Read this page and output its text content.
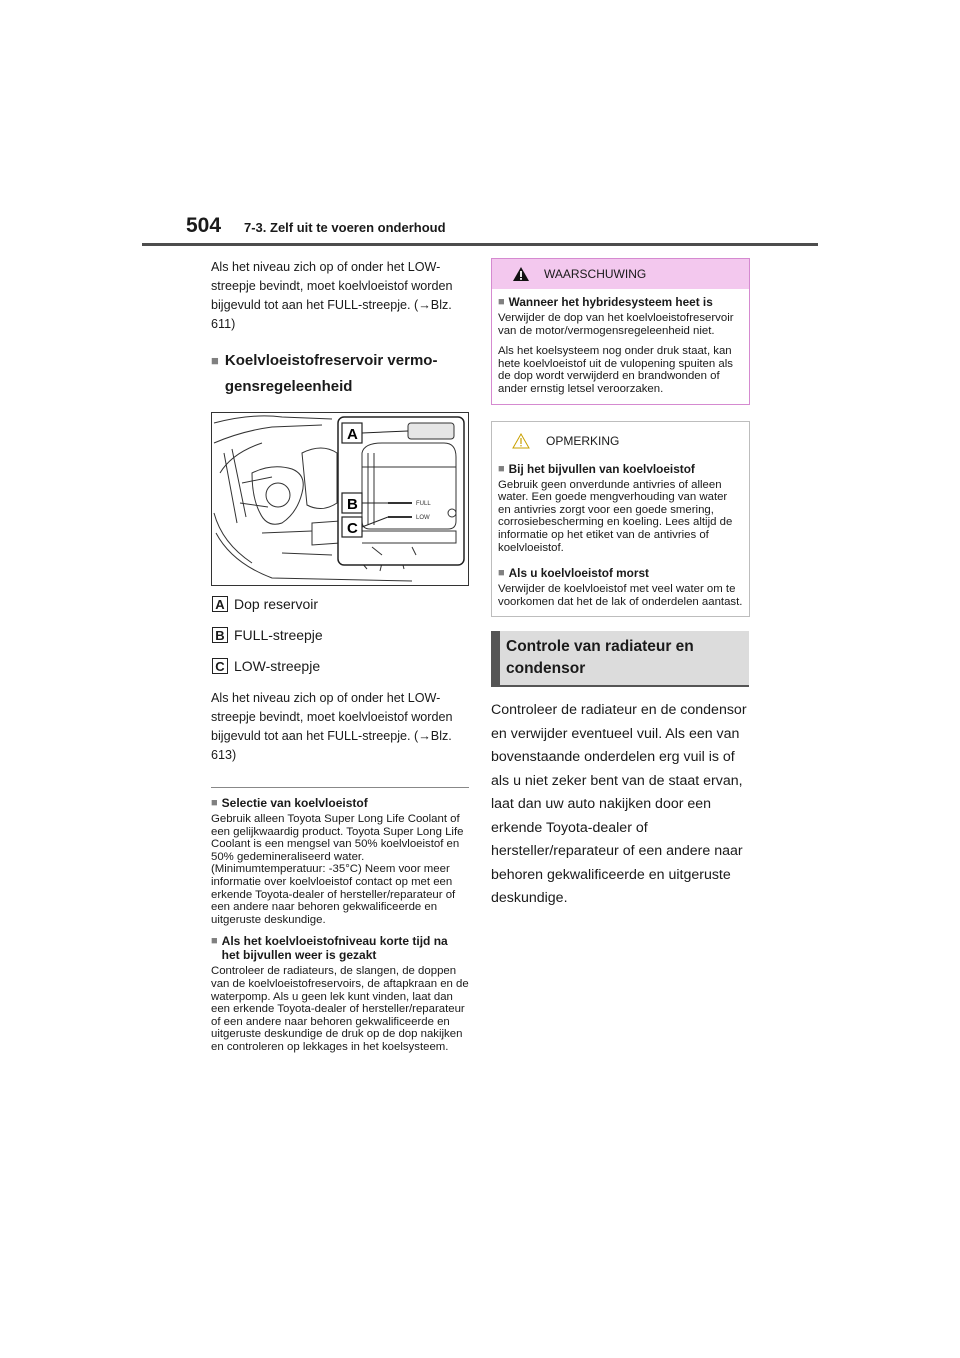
504 7-3. Zelf uit te voeren onderhoud

Als het niveau zich op of onder het LOW-streepje bevindt, moet koelvloeistof worden bijgevuld tot aan het FULL-streepje. (→Blz. 611)

■ Koelvloeistofreservoir vermo-gensregeleenheid
FULL
LOW
A
B
C
A Dop reservoir
B FULL-streepje
C LOW-streepje

Als het niveau zich op of onder het LOW-streepje bevindt, moet koelvloeistof worden bijgevuld tot aan het FULL-streepje. (→Blz. 613)

■ Selectie van koelvloeistof

Gebruik alleen Toyota Super Long Life Coolant of een gelijkwaardig product. Toyota Super Long Life Coolant is een mengsel van 50% koelvloeistof en 50% gedemineraliseerd water. (Minimumtemperatuur: -35°C) Neem voor meer informatie over koelvloeistof contact op met een erkende Toyota-dealer of hersteller/reparateur of een andere naar behoren gekwalificeerde en uitgeruste deskundige.

■ Als het koelvloeistofniveau korte tijd na het bijvullen weer is gezakt

Controleer de radiateurs, de slangen, de doppen van de koelvloeistofreservoirs, de aftapkraan en de waterpomp. Als u geen lek kunt vinden, laat dan een erkende Toyota-dealer of hersteller/reparateur of een andere naar behoren gekwalificeerde en uitgeruste deskundige de druk op de dop nakijken en controleren op lekkages in het koelsysteem.

WAARSCHUWING
■ Wanneer het hybridesysteem heet is

Verwijder de dop van het koelvloeistofreservoir van de motor/vermogensregeleenheid niet.

Als het koelsysteem nog onder druk staat, kan hete koelvloeistof uit de vulopening spuiten als de dop wordt verwijderd en brandwonden of ander ernstig letsel veroorzaken.

OPMERKING
■ Bij het bijvullen van koelvloeistof

Gebruik geen onverdunde antivries of alleen water. Een goede mengverhouding van water en antivries zorgt voor een goede smering, corrosiebescherming en koeling. Lees altijd de informatie op het etiket van de antivries of koelvloeistof.

■ Als u koelvloeistof morst

Verwijder de koelvloeistof met veel water om te voorkomen dat het de lak of onderdelen aantast.

Controle van radiateur en condensor

Controleer de radiateur en de condensor en verwijder eventueel vuil. Als een van bovenstaande onderdelen erg vuil is of als u niet zeker bent van de staat ervan, laat dan uw auto nakijken door een erkende Toyota-dealer of hersteller/reparateur of een andere naar behoren gekwalificeerde en uitgeruste deskundige.
